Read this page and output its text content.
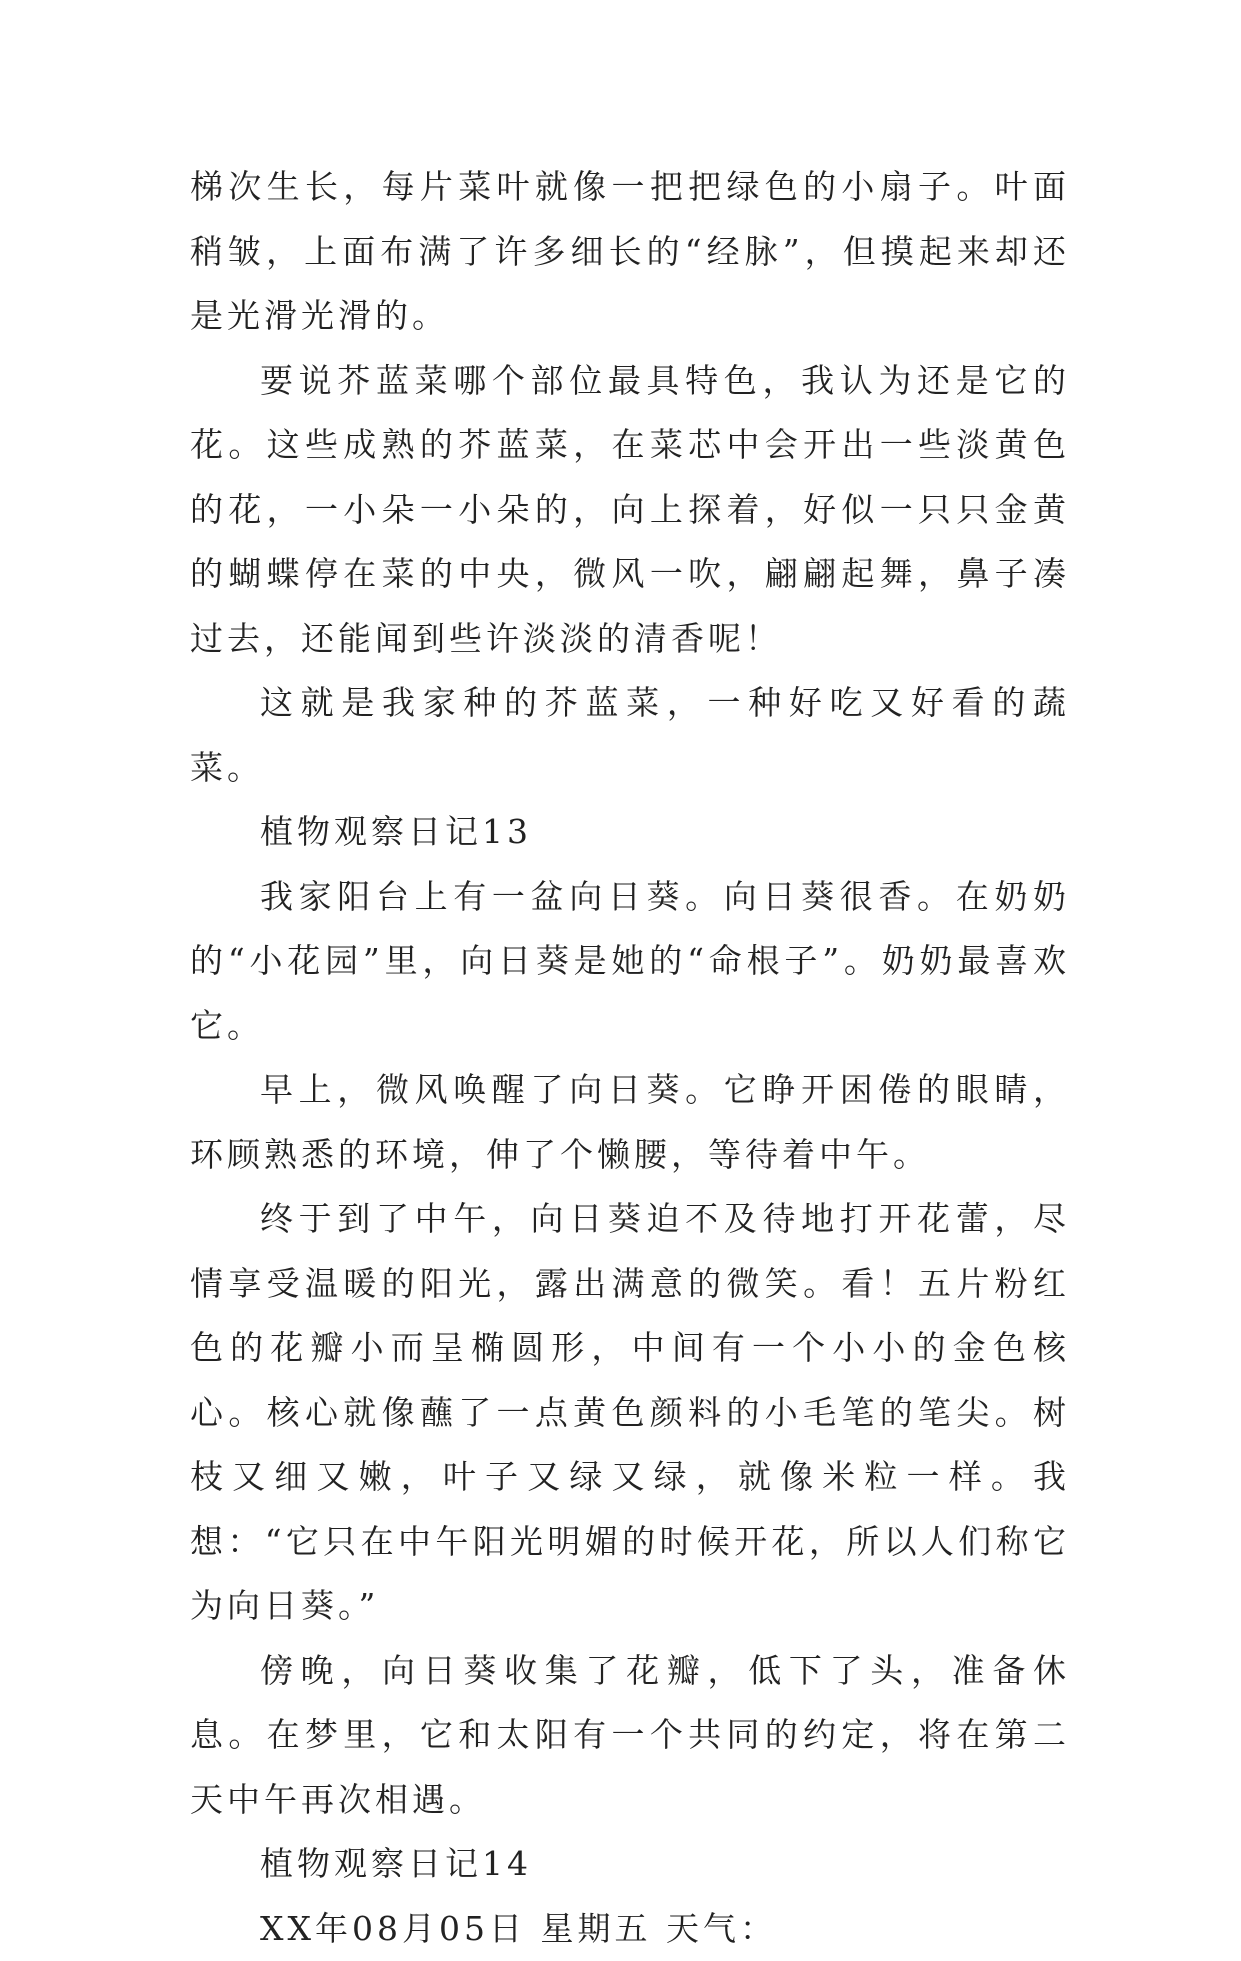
梯次生长，每片菜叶就像一把把绿色的小扇子。叶面稍皱，上面布满了许多细长的“经脉”，但摸起来却还是光滑光滑的。

要说芥蓝菜哪个部位最具特色，我认为还是它的花。这些成熟的芥蓝菜，在菜芯中会开出一些淡黄色的花，一小朵一小朵的，向上探着，好似一只只金黄的蝴蝶停在菜的中央，微风一吹，翩翩起舞，鼻子凑过去，还能闻到些许淡淡的清香呢！

这就是我家种的芥蓝菜，一种好吃又好看的蔬菜。

植物观察日记13

我家阳台上有一盆向日葵。向日葵很香。在奶奶的“小花园”里，向日葵是她的“命根子”。奶奶最喜欢它。

早上，微风唤醒了向日葵。它睁开困倦的眼睛，环顾熟悉的环境，伸了个懒腰，等待着中午。

终于到了中午，向日葵迫不及待地打开花蕾，尽情享受温暖的阳光，露出满意的微笑。看！五片粉红色的花瓣小而呈椭圆形，中间有一个小小的金色核心。核心就像蘸了一点黄色颜料的小毛笔的笔尖。树枝又细又嫩，叶子又绿又绿，就像米粒一样。我想：“它只在中午阳光明媚的时候开花，所以人们称它为向日葵。”

傍晚，向日葵收集了花瓣，低下了头，准备休息。在梦里，它和太阳有一个共同的约定，将在第二天中午再次相遇。

植物观察日记14

XX年08月05日 星期五 天气：
